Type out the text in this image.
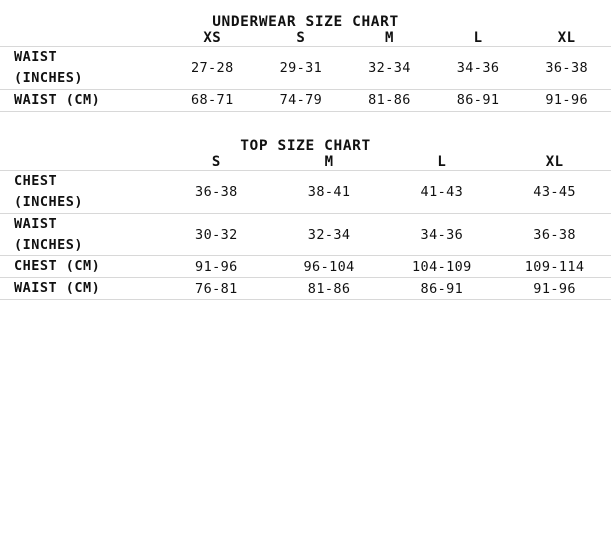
UNDERWEAR SIZE CHART
	XS	S	M	L	XL

WAIST
(INCHES)	27-28	29-31	32-34	34-36	36-38

WAIST (CM)	68-71	74-79	81-86	86-91	91-96
TOP SIZE CHART
	S	M	L	XL

CHEST
(INCHES)	36-38	38-41	41-43	43-45

WAIST
(INCHES)	30-32	32-34	34-36	36-38

CHEST (CM)	91-96	96-104	104-109	109-114

WAIST (CM)	76-81	81-86	86-91	91-96
